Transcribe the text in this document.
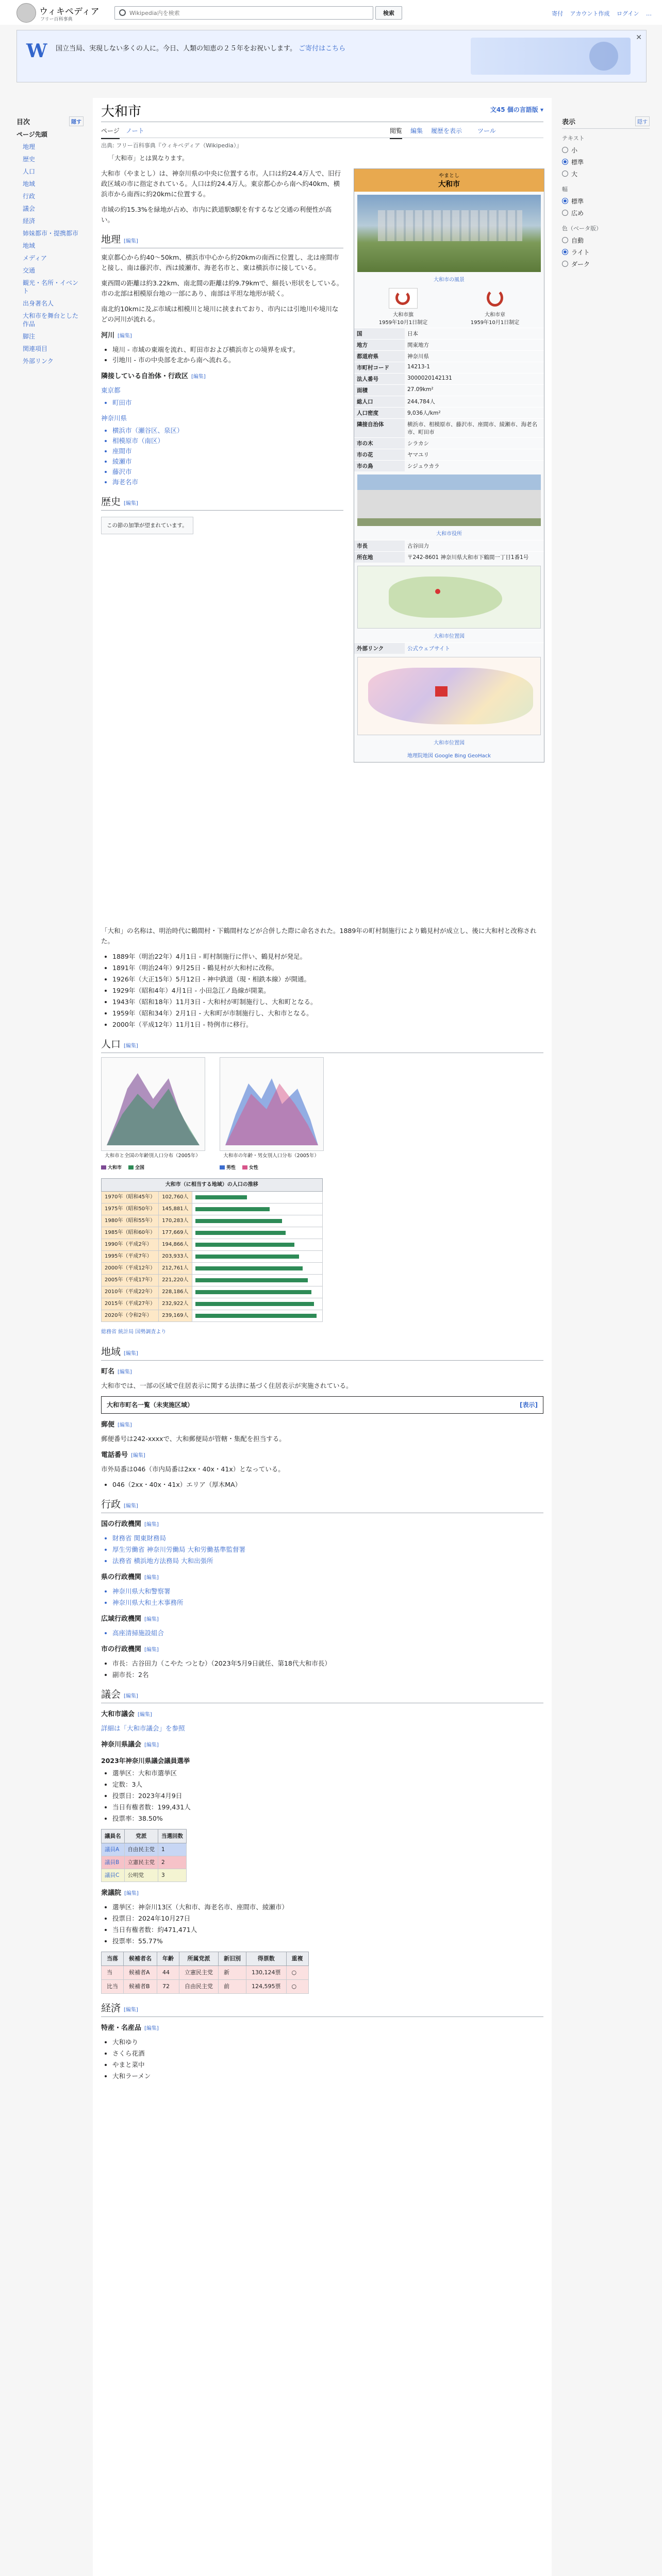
ウィキペディア
フリー百科事典
Wikipedia内を検索
検索	寄付 アカウント作成 ログイン …
W 国立当局、実現しない多くの人に。今日、人類の知恵の２５年をお祝いします。 ご寄付はこちら
✕
目次	隠す
ページ先頭
地理
歴史
人口
地域
行政
議会
経済
姉妹都市・提携都市
地域
メディア
交通
観光・名所・イベント
出身著名人
大和市を舞台とした作品
脚注
関連項目
外部リンク
表示	隠す
テキスト
小
標準
大
幅
標準
広め
色（ベータ版）
自動
ライト
ダーク
大和市	文45 個の言語版 ▾
ページ ノート	閲覧 編集 履歴を表示 ツール
出典: フリー百科事典『ウィキペディア（Wikipedia）』
「大和市」とは異なります。

大和市（やまとし）は、神奈川県の中央に位置する市。人口は約24.4万人で、旧行政区域の市に指定されている。人口は約24.4万人。東京都心から南へ約40km、横浜市から南西に約20kmに位置する。

市域の約15.3%を緑地が占め、市内に鉄道駅8駅を有するなど交通の利便性が高い。

地理 [編集]

東京都心から約40〜50km、横浜市中心から約20kmの南西に位置し、北は座間市と接し、南は藤沢市、西は綾瀬市、海老名市と、東は横浜市に接している。

東西間の距離は約3.22km、南北間の距離は約9.79kmで、細長い形状をしている。市の北部は相模原台地の一部にあり、南部は平坦な地形が続く。

南北約10kmに及ぶ市域は相模川と境川に挟まれており、市内には引地川や境川などの河川が流れる。

河川 [編集]
• 境川 - 市域の東端を流れ、町田市および横浜市との境界を成す。
• 引地川 - 市の中央部を北から南へ流れる。
隣接している自治体・行政区 [編集]
東京都
• 町田市
神奈川県
• 横浜市（瀬谷区、泉区）
• 相模原市（南区）
• 座間市
• 綾瀬市
• 藤沢市
• 海老名市
歴史 [編集]
この節の加筆が望まれています。
やまとし
大和市
大和市の風景
大和市旗
1959年10月1日制定
大和市章
1959年10月1日制定
国	日本
地方	関東地方
都道府県	神奈川県
市町村コード	14213-1
法人番号	3000020142131
面積	27.09km²
総人口	244,784人
人口密度	9,036人/km²
隣接自治体	横浜市、相模原市、藤沢市、座間市、綾瀬市、海老名市、町田市
市の木	シラカシ
市の花	ヤマユリ
市の鳥	シジュウカラ
大和市役所
市長	古谷田力
所在地	〒242-8601 神奈川県大和市下鶴間一丁目1番1号
大和市位置図
外部リンク	公式ウェブサイト
大和市位置図
地理院地図 Google Bing GeoHack

「大和」の名称は、明治時代に鶴間村・下鶴間村などが合併した際に命名された。1889年の町村制施行により鶴見村が成立し、後に大和村と改称された。

• 1889年（明治22年）4月1日 - 町村制施行に伴い、鶴見村が発足。
• 1891年（明治24年）9月25日 - 鶴見村が大和村に改称。
• 1926年（大正15年）5月12日 - 神中鉄道（現・相鉄本線）が開通。
• 1929年（昭和4年）4月1日 - 小田急江ノ島線が開業。
• 1943年（昭和18年）11月3日 - 大和村が町制施行し、大和町となる。
• 1959年（昭和34年）2月1日 - 大和町が市制施行し、大和市となる。
• 2000年（平成12年）11月1日 - 特例市に移行。
人口 [編集]
大和市と全国の年齢別人口分布（2005年）
大和市	全国
大和市の年齢・男女別人口分布（2005年）
男性	女性
大和市（に相当する地域）の人口の推移		
1970年（昭和45年）	102,760人	

1975年（昭和50年）	145,881人	

1980年（昭和55年）	170,283人	

1985年（昭和60年）	177,669人	

1990年（平成2年）	194,866人	

1995年（平成7年）	203,933人	

2000年（平成12年）	212,761人	

2005年（平成17年）	221,220人	

2010年（平成22年）	228,186人	

2015年（平成27年）	232,922人	

2020年（令和2年）	239,169人	
総務省 統計局 国勢調査より
地域 [編集]
町名 [編集]

大和市では、一部の区域で住居表示に関する法律に基づく住居表示が実施されている。

大和市町名一覧（未実施区域）	[表示]
郵便 [編集]

郵便番号は242-xxxxで、大和郵便局が管轄・集配を担当する。

電話番号 [編集]

市外局番は046（市内局番は2xx・40x・41x）となっている。

• 046（2xx・40x・41x）エリア（厚木MA）
行政 [編集]
国の行政機関 [編集]
• 財務省 関東財務局
• 厚生労働省 神奈川労働局 大和労働基準監督署
• 法務省 横浜地方法務局 大和出張所
県の行政機関 [編集]
• 神奈川県大和警察署
• 神奈川県大和土木事務所
広域行政機関 [編集]
• 高座清掃施設組合
市の行政機関 [編集]
• 市長：古谷田力（こやた つとむ）（2023年5月9日就任、第18代大和市長）
• 副市長：2名
議会 [編集]
大和市議会 [編集]

詳細は「大和市議会」を参照

神奈川県議会 [編集]
2023年神奈川県議会議員選挙
• 選挙区：大和市選挙区
• 定数：3人
• 投票日：2023年4月9日
• 当日有権者数：199,431人
• 投票率：38.50%
議員名	党派	当選回数
議員A	自由民主党	1
議員B	立憲民主党	2
議員C	公明党	3
衆議院 [編集]
• 選挙区：神奈川13区（大和市、海老名市、座間市、綾瀬市）
• 投票日：2024年10月27日
• 当日有権者数：約471,471人
• 投票率：55.77%
当落	候補者名	年齢	所属党派	新旧別	得票数	重複
当	候補者A	44	立憲民主党	新	130,124票	○
比当	候補者B	72	自由民主党	前	124,595票	○
経済 [編集]
特産・名産品 [編集]
• 大和ゆり
• さくら花酒
• やまと菜中
• 大和ラーメン
